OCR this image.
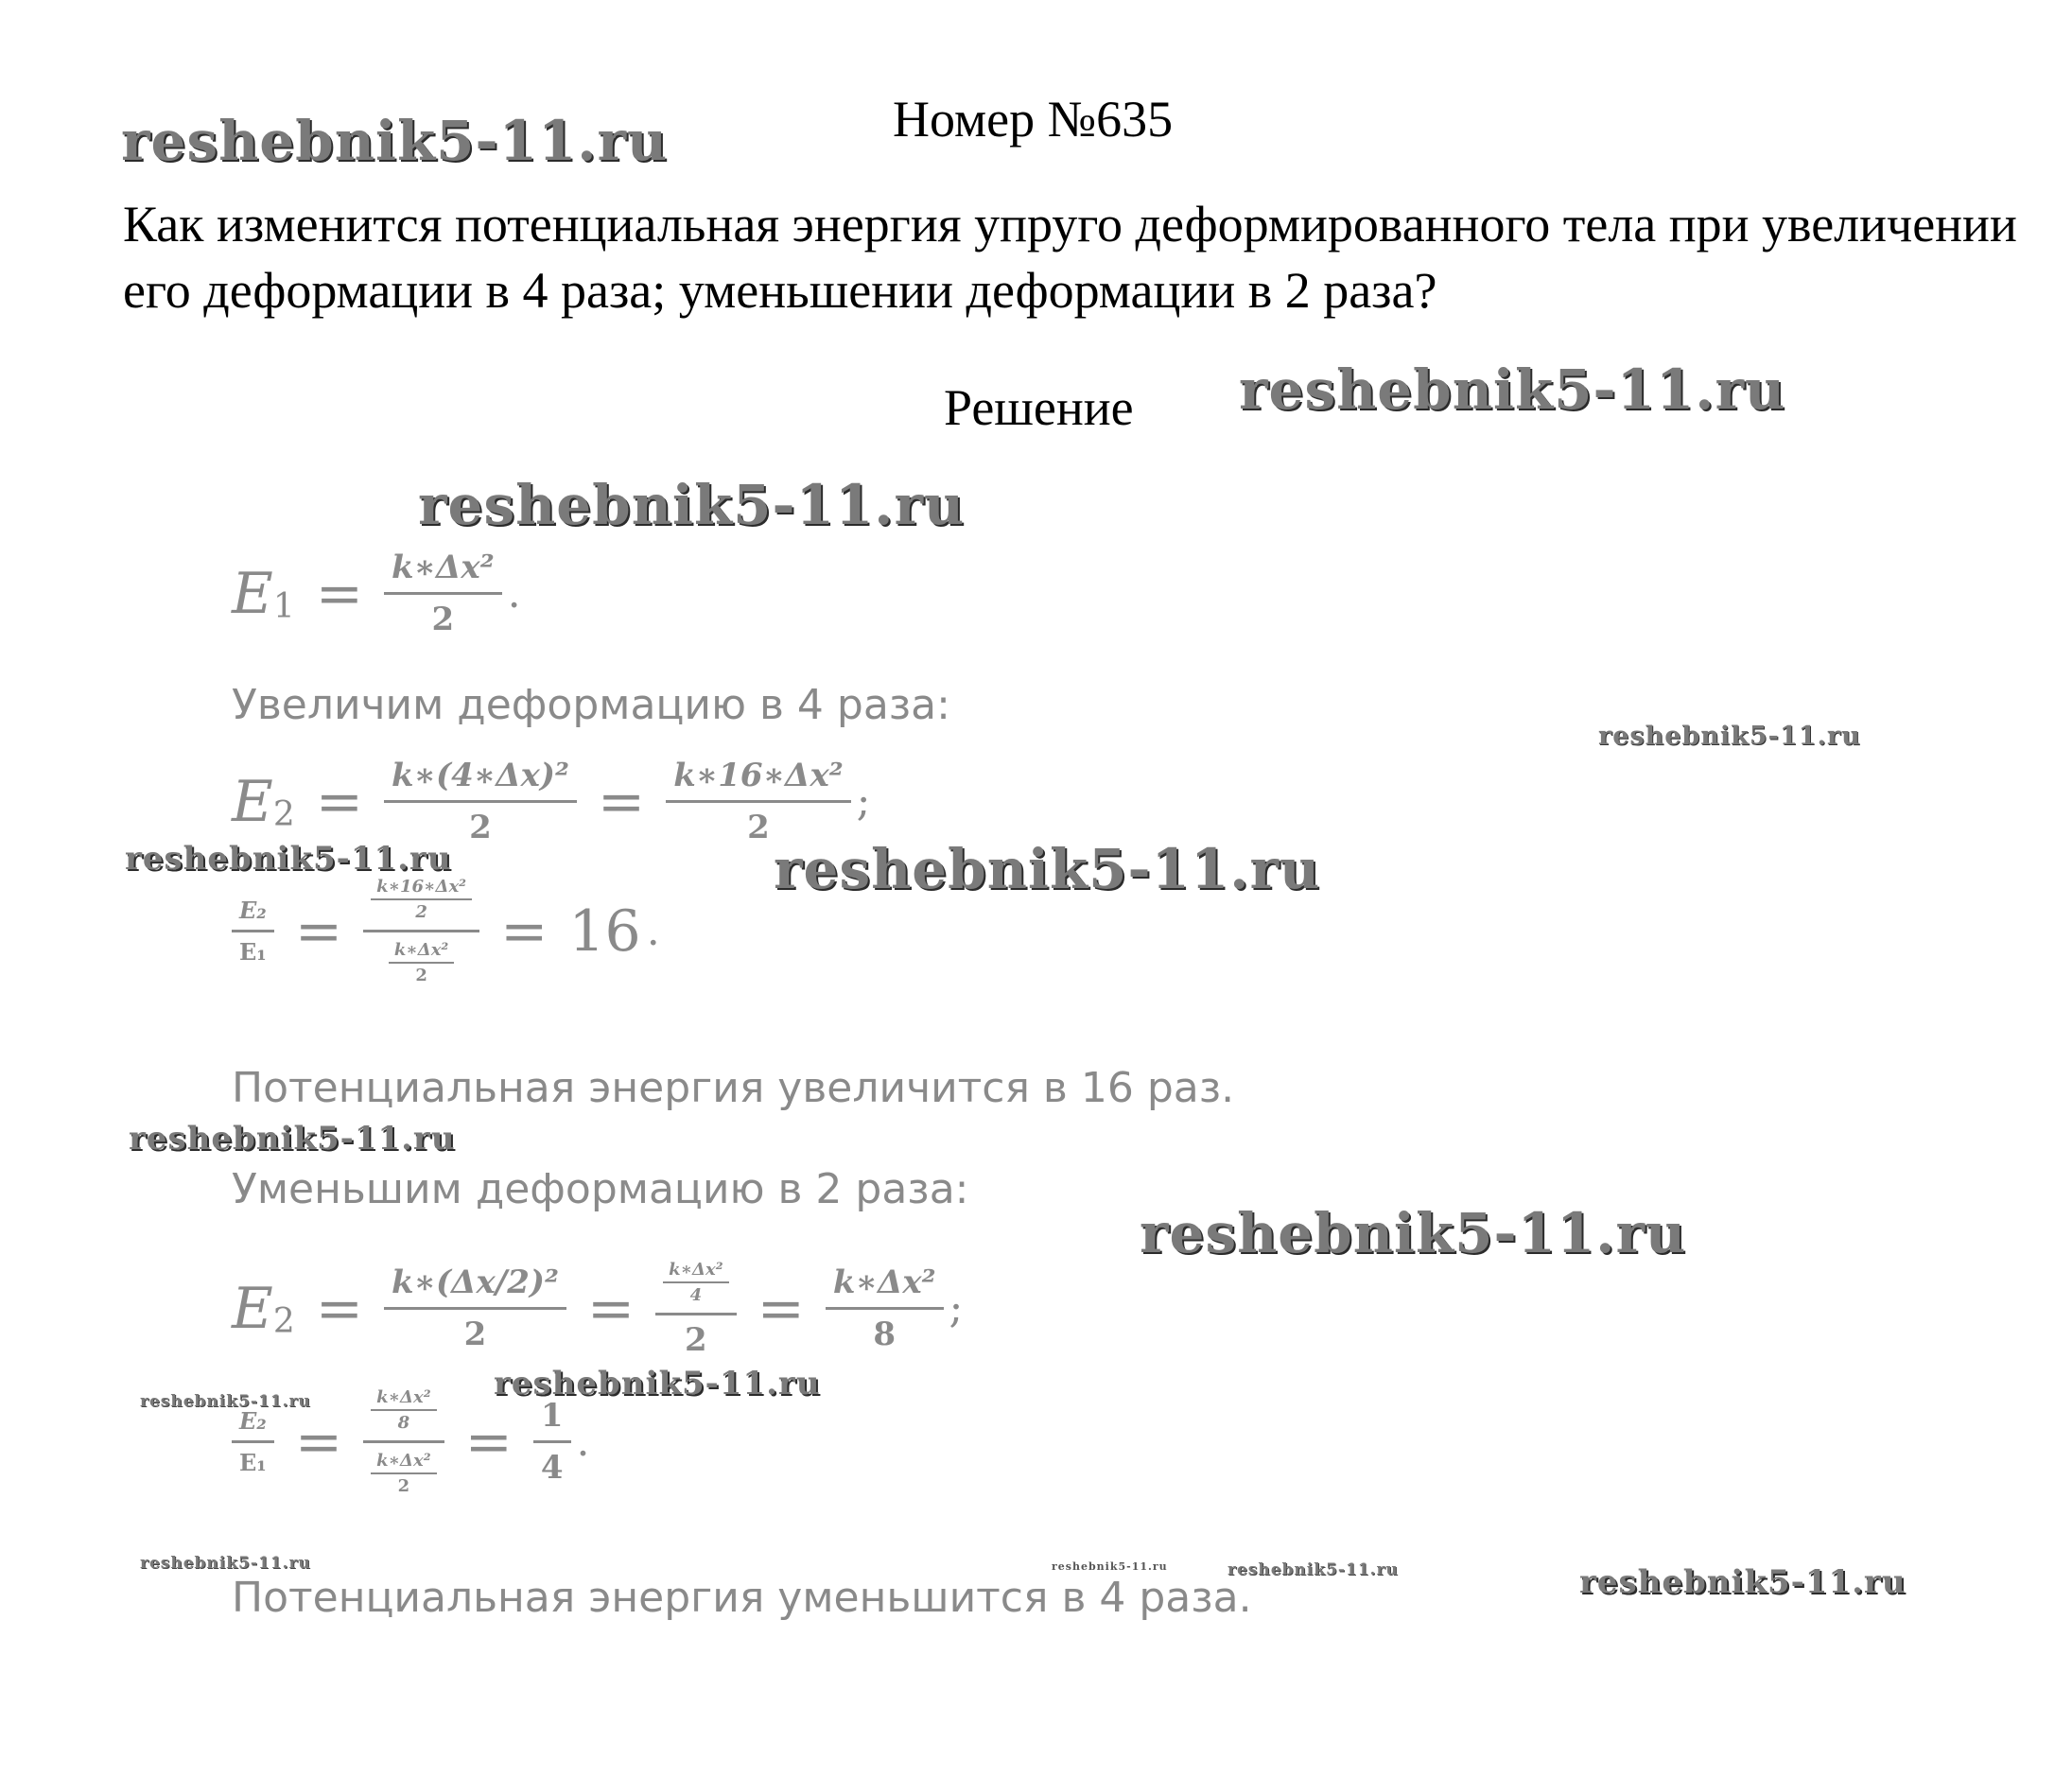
Номер №635
Как изменится потенциальная энергия упруго деформированного тела при увеличении его деформации в 4 раза; уменьшении деформации в 2 раза?
Решение
reshebnik5-11.ru
reshebnik5-11.ru
reshebnik5-11.ru
reshebnik5-11.ru
reshebnik5-11.ru	reshebnik5-11.ru
reshebnik5-11.ru
reshebnik5-11.ru
reshebnik5-11.ru
reshebnik5-11.ru
reshebnik5-11.ru	reshebnik5-11.ru	reshebnik5-11.ru	reshebnik5-11.ru
E $1 = \frac{\text{k∗Δx²}}{2}$ .
Увеличим деформацию в 4 раза:
E $2 = \frac{\text{k∗(4∗Δx)²}}{2} = \frac{\text{k∗16∗Δx²}}{2}$ ;
$\frac{\text{E₂}}{\text{E₁}} = \frac{\frac{\text{k∗16∗Δx²}}{2}}{\frac{\text{k∗Δx²}}{2}} = 16$ .
Потенциальная энергия увеличится в 16 раз.
Уменьшим деформацию в 2 раза:
E $2 = \frac{\text{k∗(Δx/2)²}}{2} = \frac{\frac{\text{k∗Δx²}}{4}}{2} = \frac{\text{k∗Δx²}}{8}$ ;
$\frac{\text{E₂}}{\text{E₁}} = \frac{\frac{\text{k∗Δx²}}{8}}{\frac{\text{k∗Δx²}}{2}} = \frac{1}{4}$ .
Потенциальная энергия уменьшится в 4 раза.
